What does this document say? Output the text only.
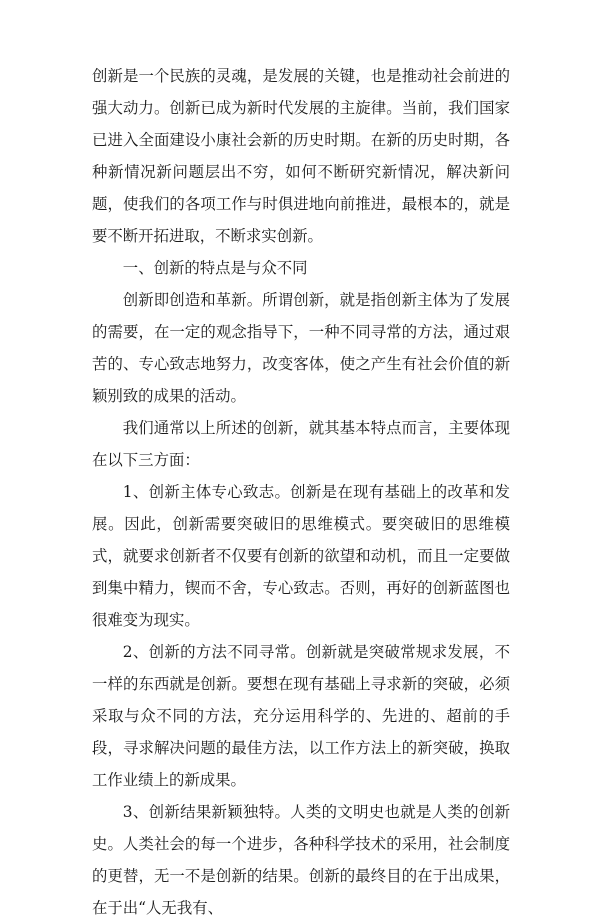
创新是一个民族的灵魂，是发展的关键，也是推动社会前进的强大动力。创新已成为新时代发展的主旋律。当前，我们国家已进入全面建设小康社会新的历史时期。在新的历史时期，各种新情况新问题层出不穷，如何不断研究新情况，解决新问题，使我们的各项工作与时俱进地向前推进，最根本的，就是要不断开拓进取，不断求实创新。

一、创新的特点是与众不同

创新即创造和革新。所谓创新，就是指创新主体为了发展的需要，在一定的观念指导下，一种不同寻常的方法，通过艰苦的、专心致志地努力，改变客体，使之产生有社会价值的新颖别致的成果的活动。

我们通常以上所述的创新，就其基本特点而言，主要体现在以下三方面：

1、创新主体专心致志。创新是在现有基础上的改革和发展。因此，创新需要突破旧的思维模式。要突破旧的思维模式，就要求创新者不仅要有创新的欲望和动机，而且一定要做到集中精力，锲而不舍，专心致志。否则，再好的创新蓝图也很难变为现实。

2、创新的方法不同寻常。创新就是突破常规求发展，不一样的东西就是创新。要想在现有基础上寻求新的突破，必须采取与众不同的方法，充分运用科学的、先进的、超前的手段，寻求解决问题的最佳方法，以工作方法上的新突破，换取工作业绩上的新成果。

3、创新结果新颖独特。人类的文明史也就是人类的创新史。人类社会的每一个进步，各种科学技术的采用，社会制度的更替，无一不是创新的结果。创新的最终目的在于出成果，在于出“人无我有、
